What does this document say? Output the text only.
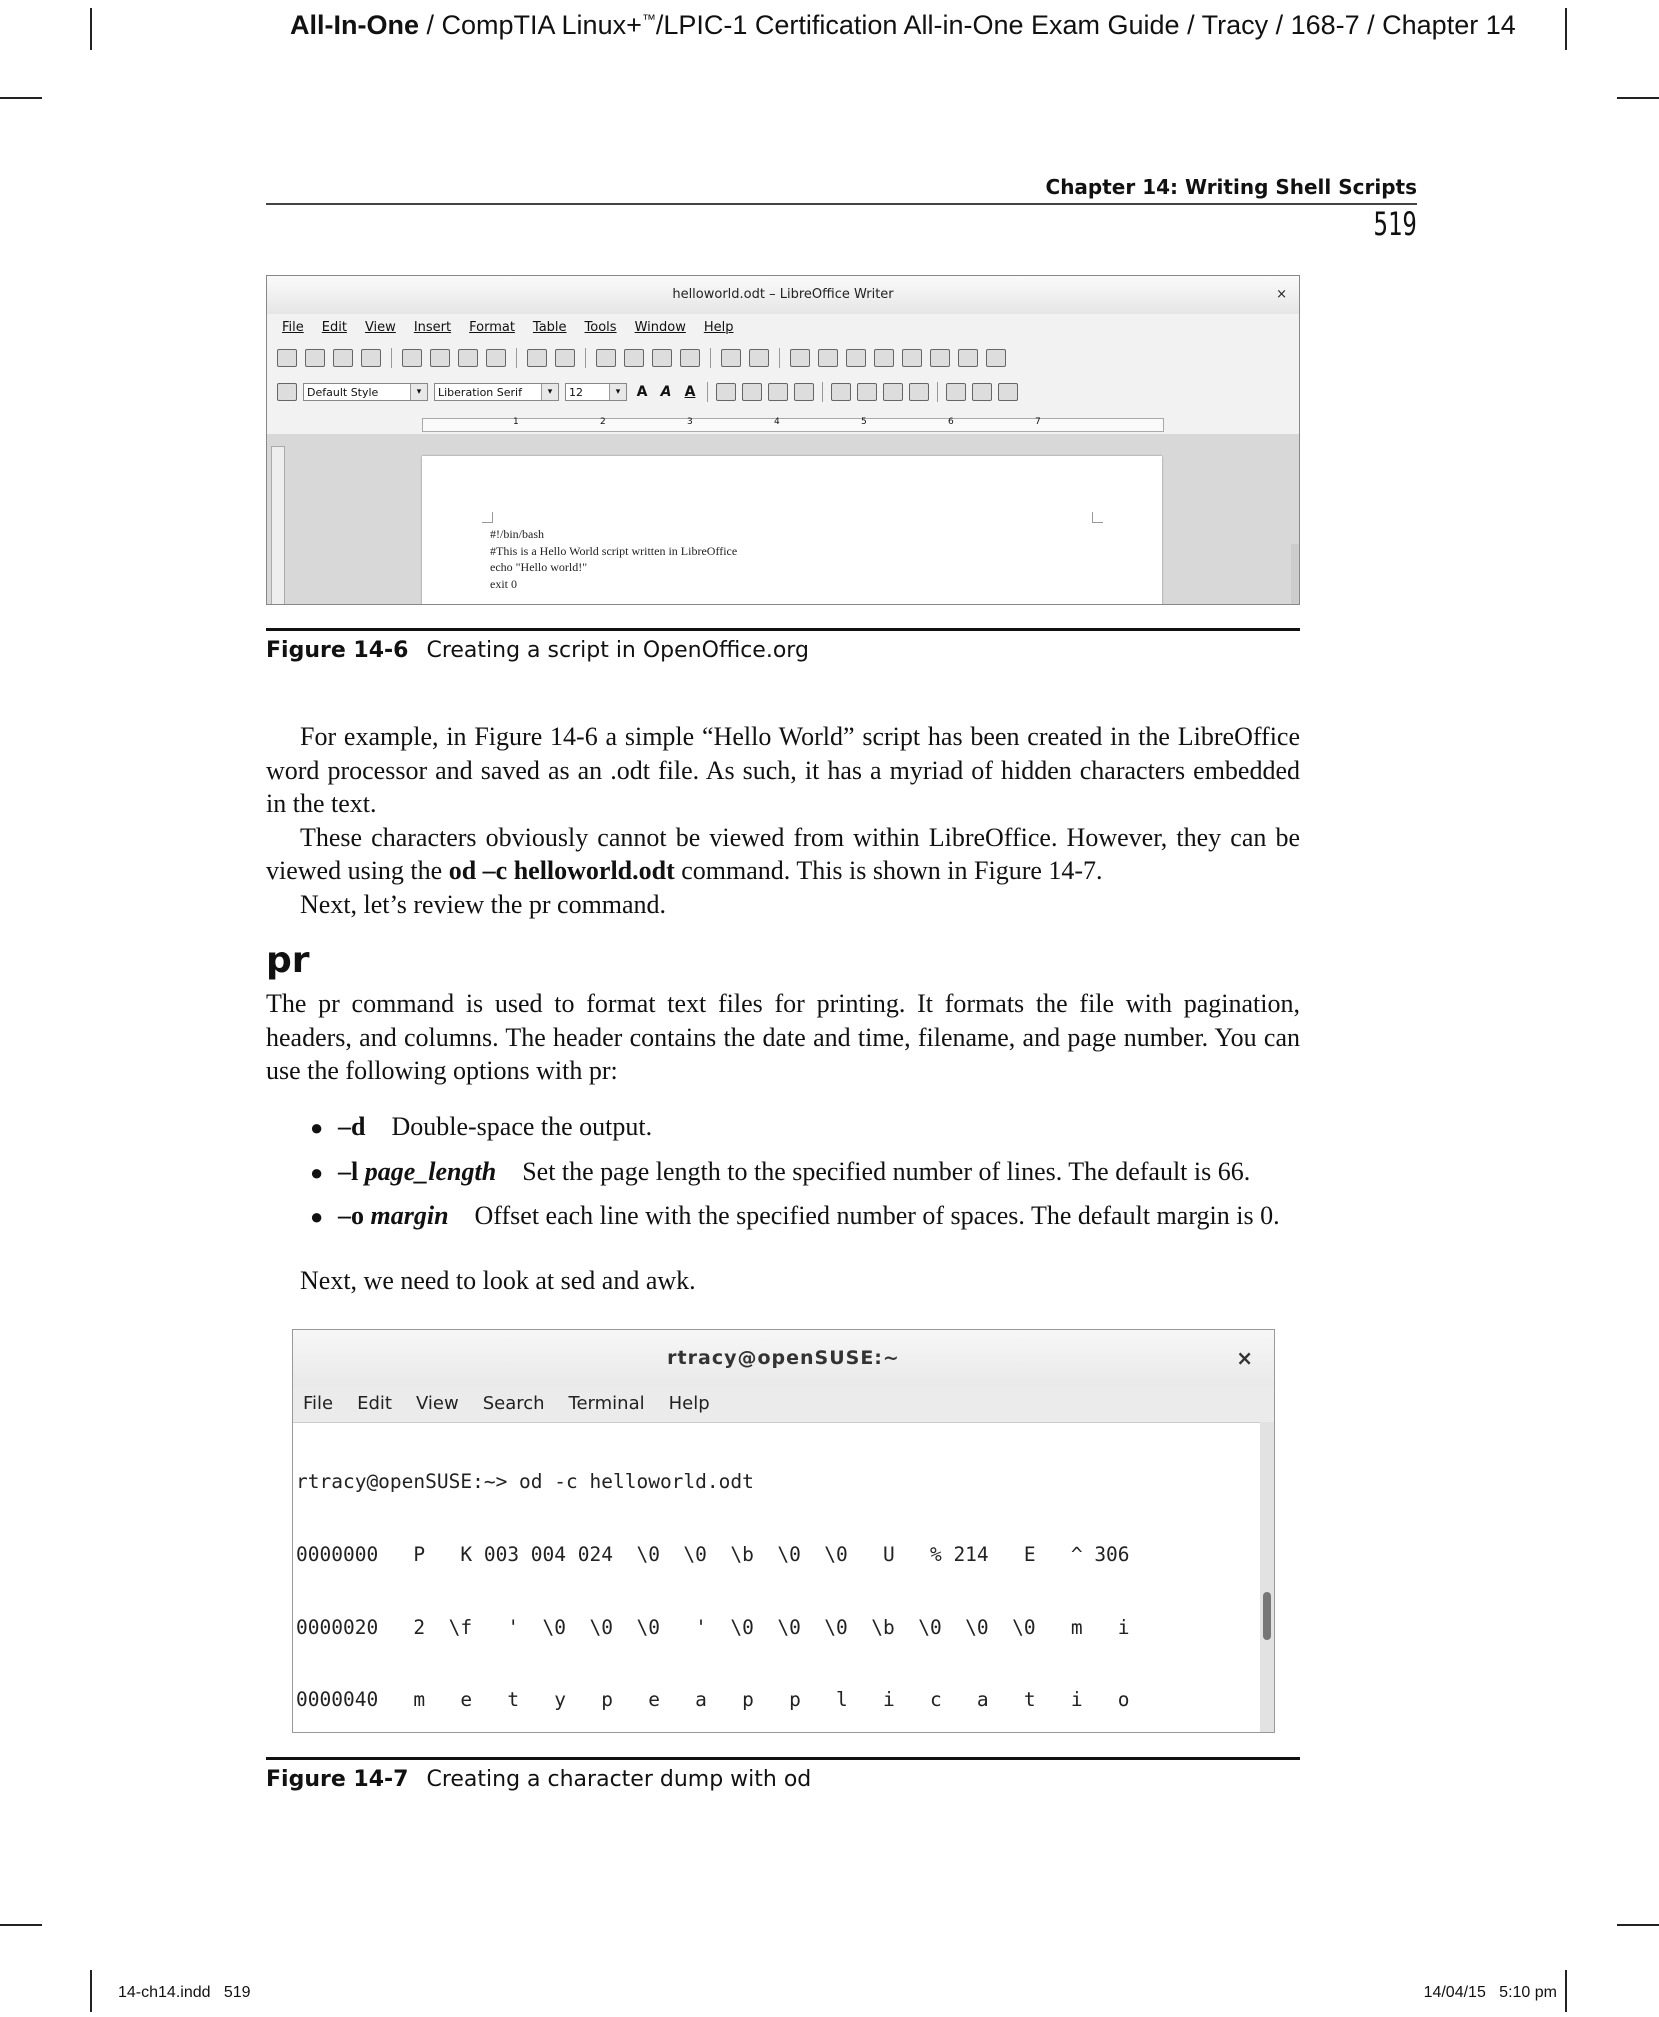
All-In-One / CompTIA Linux+™/LPIC-1 Certification All-in-One Exam Guide / Tracy / 168-7 / Chapter 14
Chapter 14: Writing Shell Scripts
519
helloworld.odt – LibreOffice Writer	×
File Edit View Insert Format Table Tools Window Help
Default Style	▾	Liberation Serif	▾	12	▾	A A A
1	2	3	4	5	6	7
#!/bin/bash
#This is a Hello World script written in LibreOffice
echo "Hello world!"
exit 0
Figure 14-6 Creating a script in OpenOffice.org

For example, in Figure 14-6 a simple “Hello World” script has been created in the LibreOffice word processor and saved as an .odt file. As such, it has a myriad of hidden characters embedded in the text.

These characters obviously cannot be viewed from within LibreOffice. However, they can be viewed using the od –c helloworld.odt command. This is shown in Figure 14-7.

Next, let’s review the pr command.

pr

The pr command is used to format text files for printing. It formats the file with pagination, headers, and columns. The header contains the date and time, filename, and page number. You can use the following options with pr:

● –d Double-space the output.
● –l page_length Set the page length to the specified number of lines. The default is 66.
● –o margin Offset each line with the specified number of spaces. The default margin is 0.

Next, we need to look at sed and awk.

rtracy@openSUSE:~	×
File Edit View Search Terminal Help

rtracy@openSUSE:~> od -c helloworld.odt

0000000   P   K 003 004 024  \0  \0  \b  \0  \0   U   % 214   E   ^ 306

0000020   2  \f   '  \0  \0  \0   '  \0  \0  \0  \b  \0  \0  \0   m   i

0000040   m   e   t   y   p   e   a   p   p   l   i   c   a   t   i   o

Figure 14-7 Creating a character dump with od
14-ch14.indd   519	14/04/15   5:10 pm
